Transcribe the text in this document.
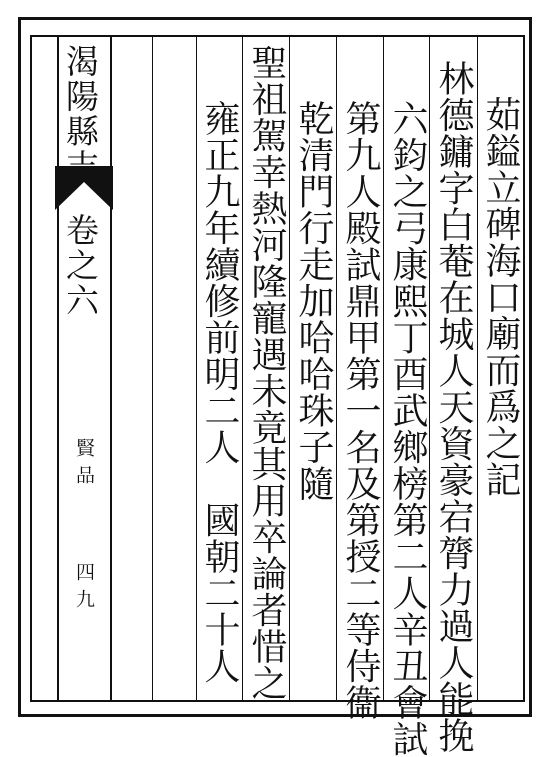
渴陽縣志
卷之六
賢品
四九
茹鎰立碑海口廟而爲之記
林德鏞字白菴在城人天資豪宕膂力過人能挽
六鈞之弓康熙丁酉武鄉榜第二人辛丑會試
第九人殿試鼎甲第一名及第授二等侍衞
乾清門行走加哈哈珠子隨
聖祖駕幸熱河隆寵遇未竟其用卒論者惜之
雍正九年續修前明二人　國朝二十人
